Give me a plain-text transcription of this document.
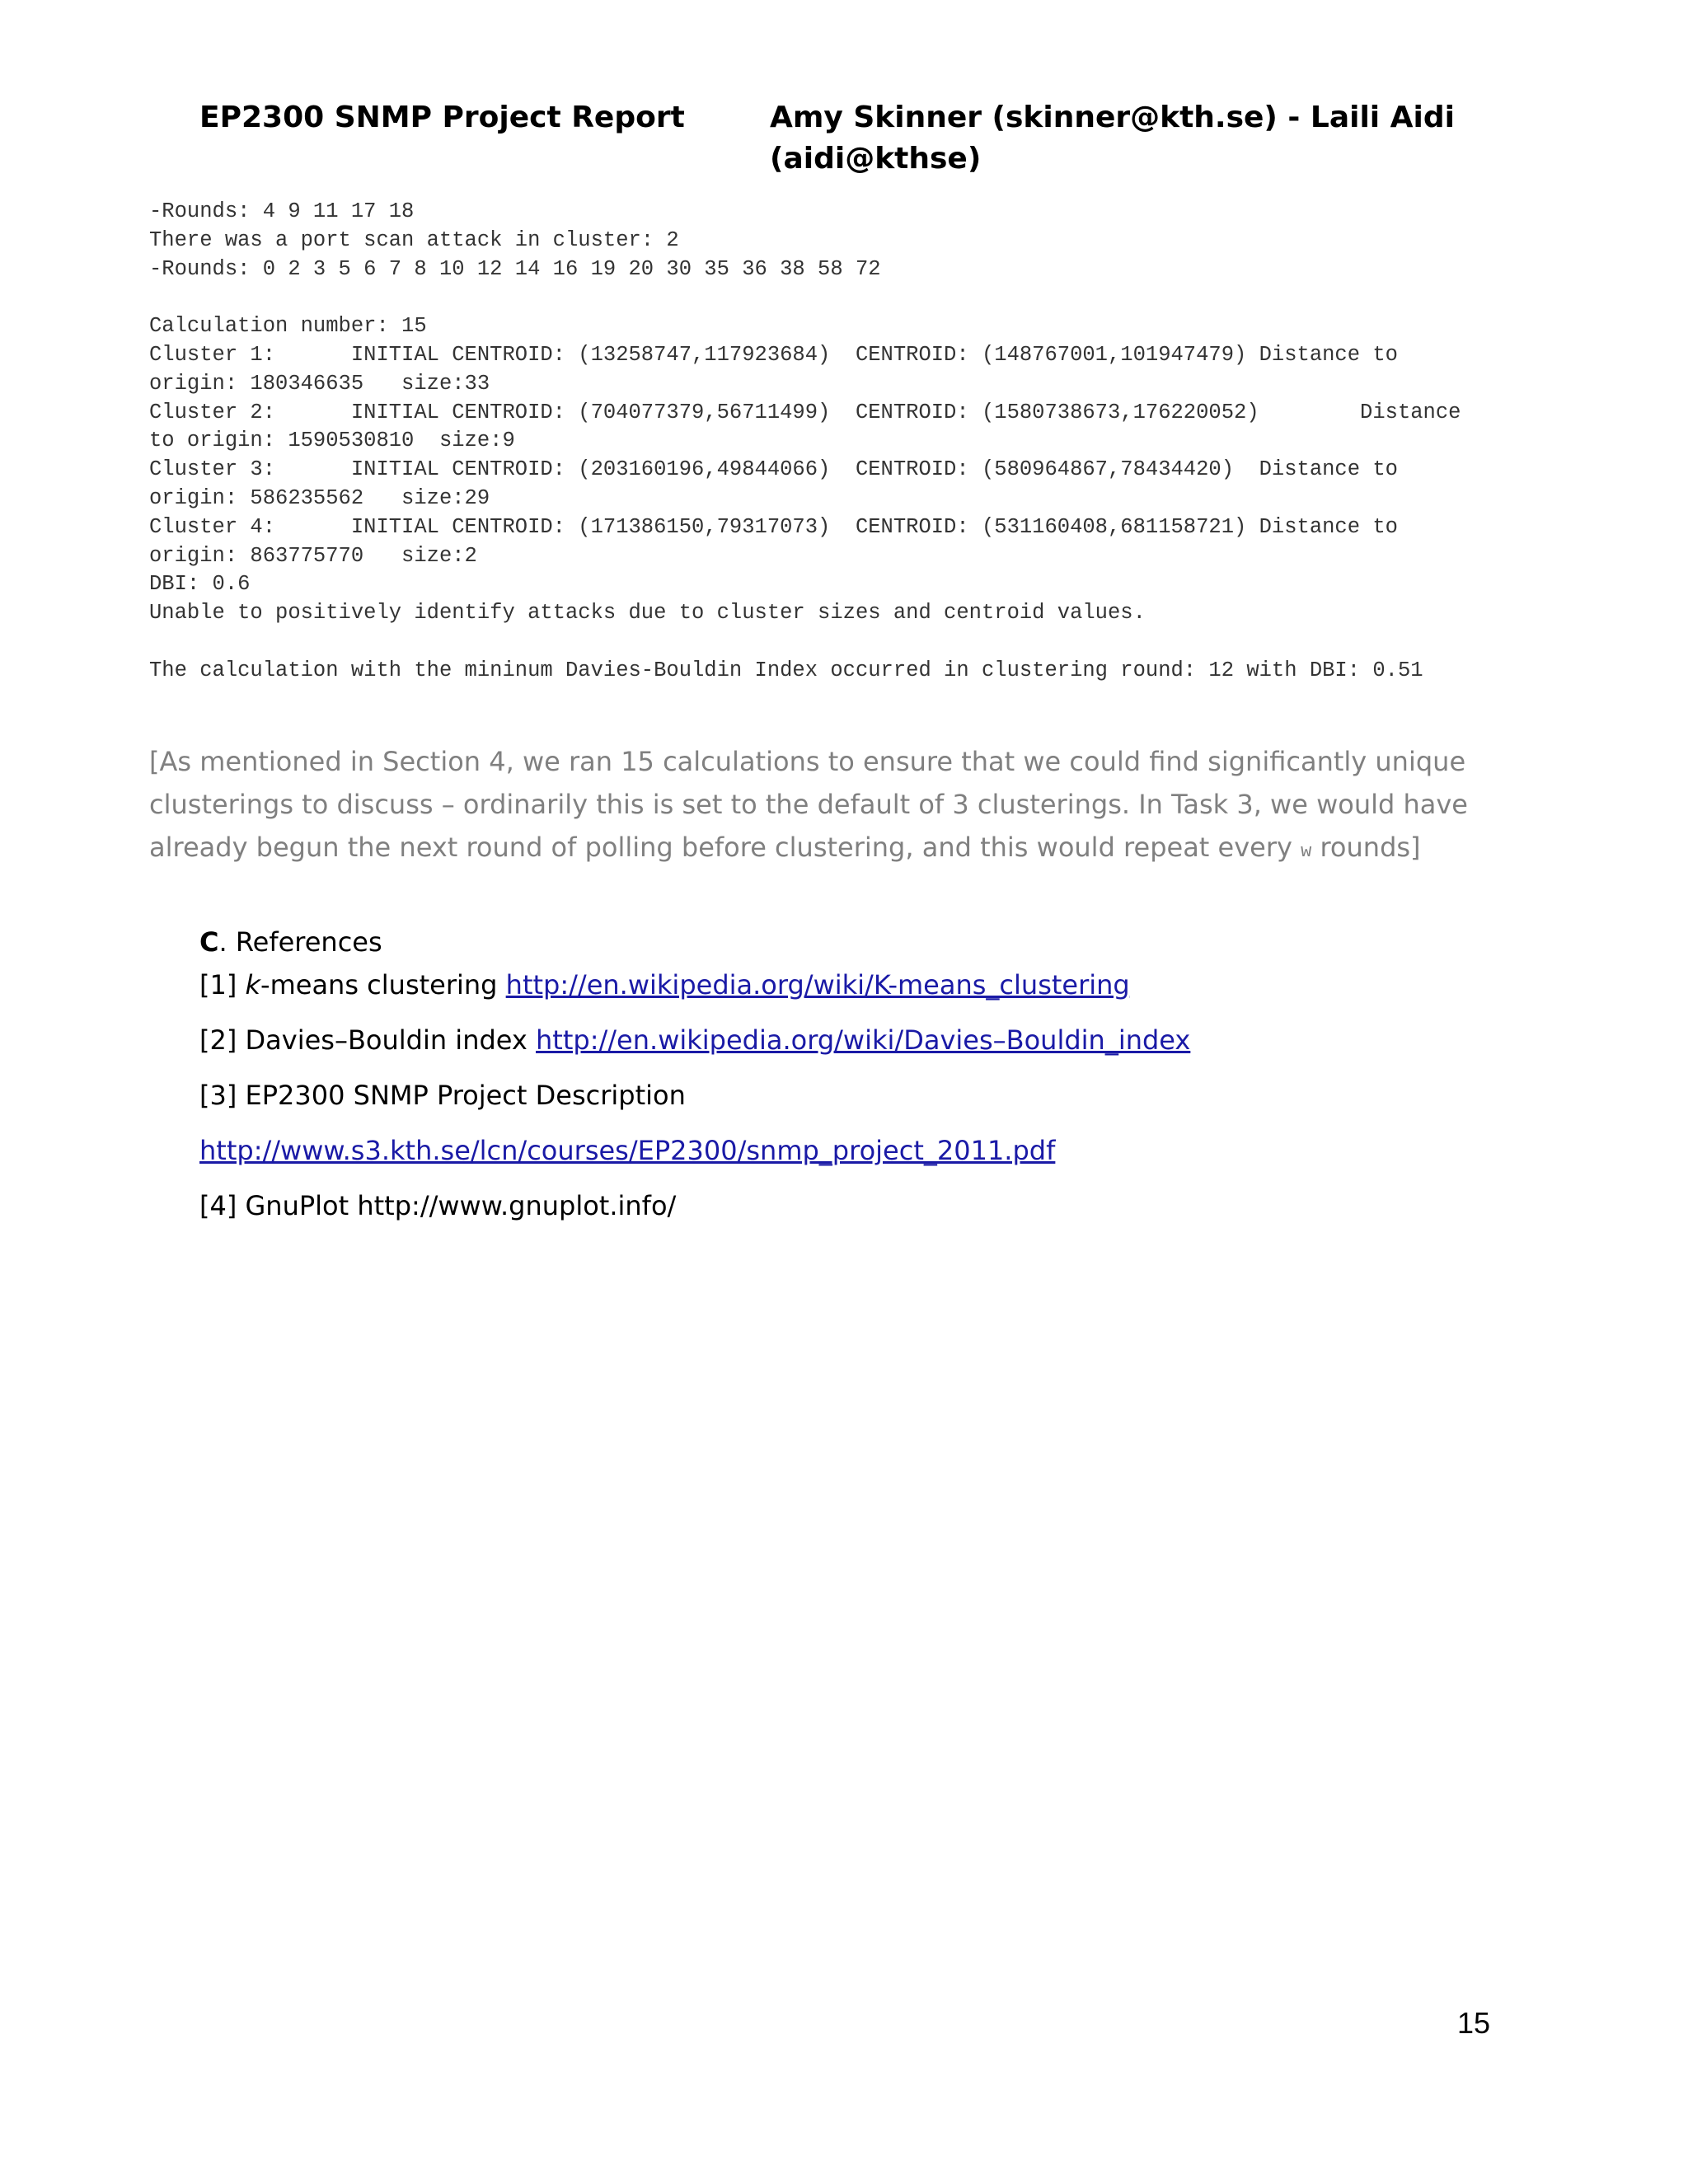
EP2300 SNMP Project Report	Amy Skinner (skinner@kth.se) - Laili Aidi (aidi@kthse)
-Rounds: 4 9 11 17 18
There was a port scan attack in cluster: 2
-Rounds: 0 2 3 5 6 7 8 10 12 14 16 19 20 30 35 36 38 58 72
Calculation number: 15
Cluster 1:      INITIAL CENTROID: (13258747,117923684)  CENTROID: (148767001,101947479) Distance to
origin: 180346635   size:33
Cluster 2:      INITIAL CENTROID: (704077379,56711499)  CENTROID: (1580738673,176220052)        Distance
to origin: 1590530810  size:9
Cluster 3:      INITIAL CENTROID: (203160196,49844066)  CENTROID: (580964867,78434420)  Distance to
origin: 586235562   size:29
Cluster 4:      INITIAL CENTROID: (171386150,79317073)  CENTROID: (531160408,681158721) Distance to
origin: 863775770   size:2
DBI: 0.6
Unable to positively identify attacks due to cluster sizes and centroid values.
The calculation with the mininum Davies-Bouldin Index occurred in clustering round: 12 with DBI: 0.51
[As mentioned in Section 4, we ran 15 calculations to ensure that we could find significantly unique clusterings to discuss – ordinarily this is set to the default of 3 clusterings. In Task 3, we would have already begun the next round of polling before clustering, and this would repeat every w rounds]
C. References
[1] k-means clustering http://en.wikipedia.org/wiki/K-means_clustering
[2] Davies–Bouldin index http://en.wikipedia.org/wiki/Davies–Bouldin_index
[3] EP2300 SNMP Project Description
http://www.s3.kth.se/lcn/courses/EP2300/snmp_project_2011.pdf
[4] GnuPlot http://www.gnuplot.info/
15
